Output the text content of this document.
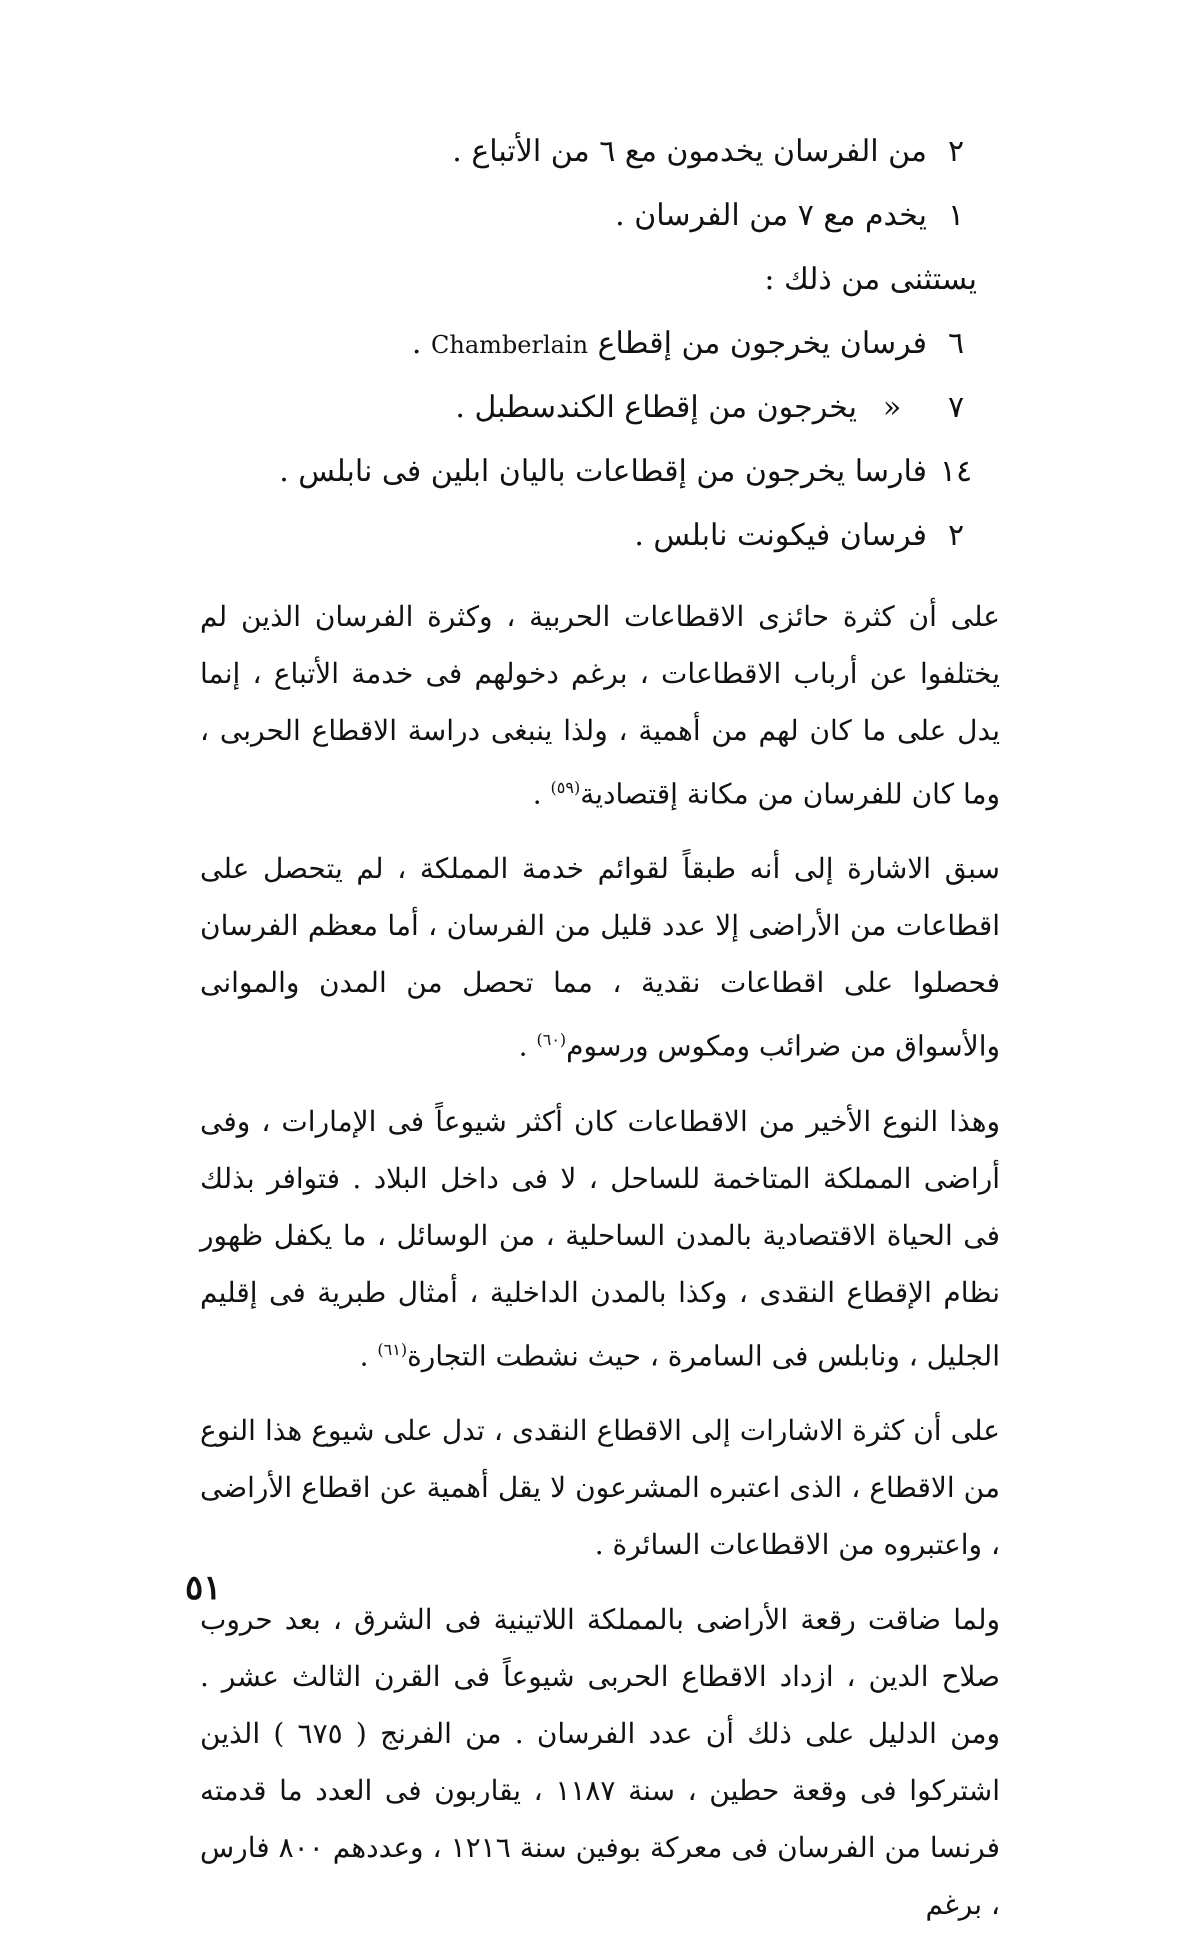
٢
من الفرسان يخدمون مع ٦ من الأتباع .
١
يخدم مع ٧ من الفرسان .
يستثنى من ذلك :
٦
فرسان يخرجون من إقطاع

Chamberlain

.
٧
«
يخرجون من إقطاع الكندسطبل .
١٤
فارسا يخرجون من إقطاعات باليان ابلين فى نابلس .
٢
فرسان فيكونت نابلس .
على أن كثرة حائزى الاقطاعات الحربية ، وكثرة الفرسان الذين لم يختلفوا عن أرباب الاقطاعات ، برغم دخولهم فى خدمة الأتباع ، إنما يدل على ما كان لهم من أهمية ، ولذا ينبغى دراسة الاقطاع الحربى ، وما كان للفرسان من مكانة إقتصادية$^{(٥٩)}$ .
سبق الاشارة إلى أنه طبقاً لقوائم خدمة المملكة ، لم يتحصل على اقطاعات من الأراضى إلا عدد قليل من الفرسان ، أما معظم الفرسان فحصلوا على اقطاعات نقدية ، مما تحصل من المدن والموانى والأسواق من ضرائب ومكوس ورسوم$^{(٦٠)}$ .
وهذا النوع الأخير من الاقطاعات كان أكثر شيوعاً فى الإمارات ، وفى أراضى المملكة المتاخمة للساحل ، لا فى داخل البلاد . فتوافر بذلك فى الحياة الاقتصادية بالمدن الساحلية ، من الوسائل ، ما يكفل ظهور نظام الإقطاع النقدى ، وكذا بالمدن الداخلية ، أمثال طبرية فى إقليم الجليل ، ونابلس فى السامرة ، حيث نشطت التجارة$^{(٦١)}$ .
على أن كثرة الاشارات إلى الاقطاع النقدى ، تدل على شيوع هذا النوع من الاقطاع ، الذى اعتبره المشرعون لا يقل أهمية عن اقطاع الأراضى ، واعتبروه من الاقطاعات السائرة .
ولما ضاقت رقعة الأراضى بالمملكة اللاتينية فى الشرق ، بعد حروب صلاح الدين ، ازداد الاقطاع الحربى شيوعاً فى القرن الثالث عشر . ومن الدليل على ذلك أن عدد الفرسان . من الفرنج ( ٦٧٥ ) الذين اشتركوا فى وقعة حطين ، سنة ١١٨٧ ، يقاربون فى العدد ما قدمته فرنسا من الفرسان فى معركة بوفين سنة ١٢١٦ ، وعددهم ٨٠٠ فارس ، برغم
٥١
